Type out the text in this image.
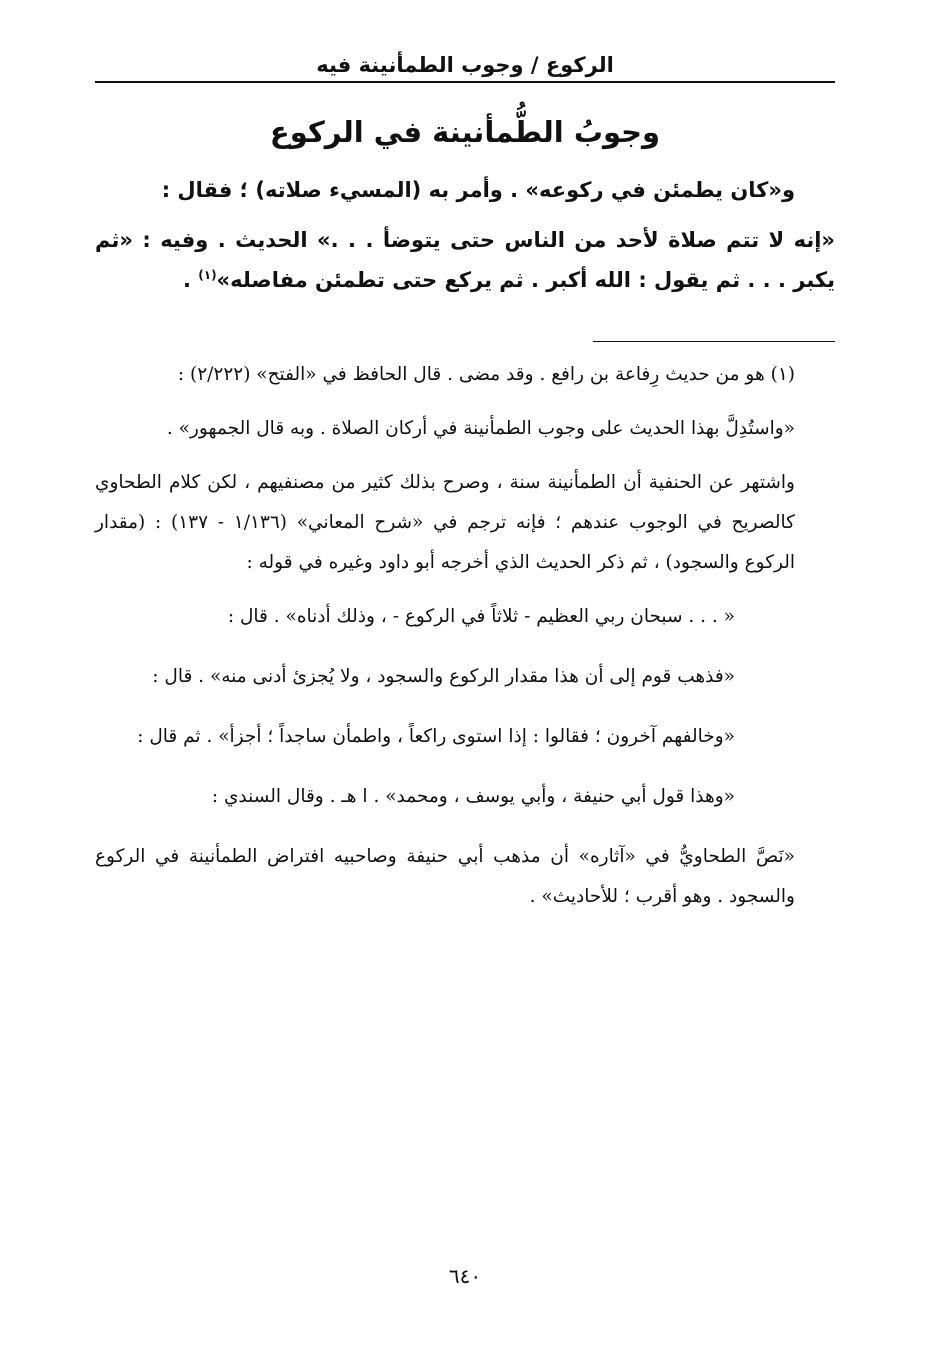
الركوع / وجوب الطمأنينة فيه
وجوبُ الطُّمأنينة في الركوع

و«كان يطمئن في ركوعه» . وأمر به (المسيء صلاته) ؛ فقال :

«إنه لا تتم صلاة لأحد من الناس حتى يتوضأ . . .» الحديث . وفيه : «ثم يكبر . . . ثم يقول : الله أكبر . ثم يركع حتى تطمئن مفاصله»$^{(١)}$ .

(١) هو من حديث رِفاعة بن رافع . وقد مضى . قال الحافظ في «الفتح» (٢/٢٢٢) :

«واستُدِلَّ بهذا الحديث على وجوب الطمأنينة في أركان الصلاة . وبه قال الجمهور» .

واشتهر عن الحنفية أن الطمأنينة سنة ، وصرح بذلك كثير من مصنفيهم ، لكن كلام الطحاوي كالصريح في الوجوب عندهم ؛ فإنه ترجم في «شرح المعاني» (١/١٣٦ - ١٣٧) : (مقدار الركوع والسجود) ، ثم ذكر الحديث الذي أخرجه أبو داود وغيره في قوله :

« . . . سبحان ربي العظيم - ثلاثاً في الركوع - ، وذلك أدناه» . قال :

«فذهب قوم إلى أن هذا مقدار الركوع والسجود ، ولا يُجزئ أدنى منه» . قال :

«وخالفهم آخرون ؛ فقالوا : إذا استوى راكعاً ، واطمأن ساجداً ؛ أجزأ» . ثم قال :

«وهذا قول أبي حنيفة ، وأبي يوسف ، ومحمد» . ا هـ . وقال السندي :

«نَصَّ الطحاويُّ في «آثاره» أن مذهب أبي حنيفة وصاحبيه افتراض الطمأنينة في الركوع والسجود . وهو أقرب ؛ للأحاديث» .

٦٤٠
